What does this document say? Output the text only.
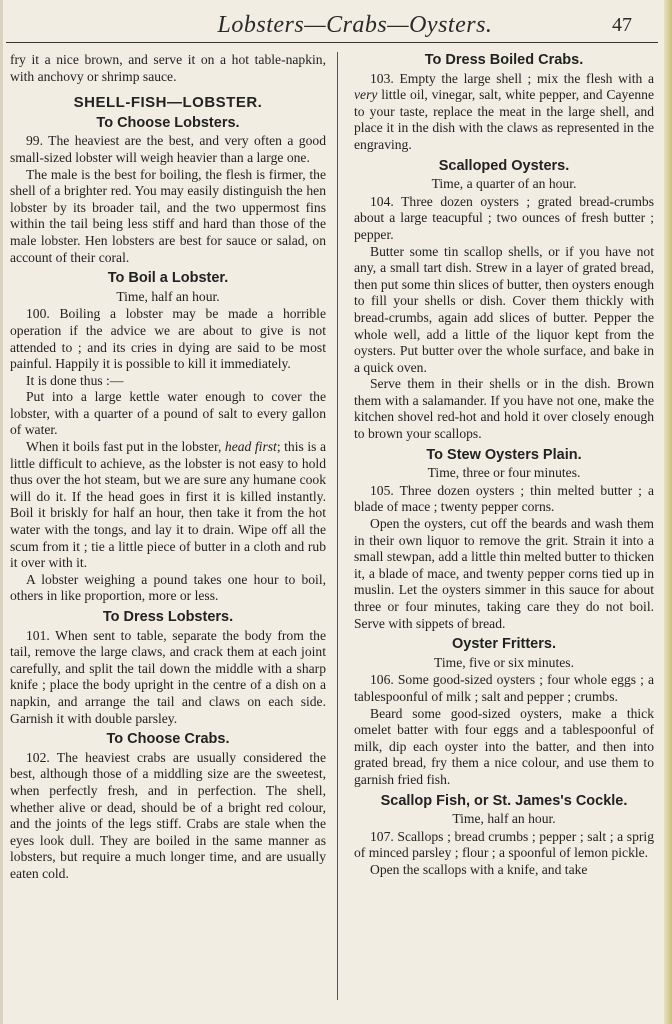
Lobsters—Crabs—Oysters.	47

fry it a nice brown, and serve it on a hot table-napkin, with anchovy or shrimp sauce.

SHELL-FISH—LOBSTER.
To Choose Lobsters.

99. The heaviest are the best, and very often a good small-sized lobster will weigh heavier than a large one.

The male is the best for boiling, the flesh is firmer, the shell of a brighter red. You may easily distinguish the hen lobster by its broader tail, and the two uppermost fins within the tail being less stiff and hard than those of the male lobster. Hen lobsters are best for sauce or salad, on account of their coral.

To Boil a Lobster.

Time, half an hour.

100. Boiling a lobster may be made a horrible operation if the advice we are about to give is not attended to ; and its cries in dying are said to be most painful. Happily it is possible to kill it immediately.

It is done thus :—

Put into a large kettle water enough to cover the lobster, with a quarter of a pound of salt to every gallon of water.

When it boils fast put in the lobster, head first; this is a little difficult to achieve, as the lobster is not easy to hold thus over the hot steam, but we are sure any humane cook will do it. If the head goes in first it is killed instantly. Boil it briskly for half an hour, then take it from the hot water with the tongs, and lay it to drain. Wipe off all the scum from it ; tie a little piece of butter in a cloth and rub it over with it.

A lobster weighing a pound takes one hour to boil, others in like proportion, more or less.

To Dress Lobsters.

101. When sent to table, separate the body from the tail, remove the large claws, and crack them at each joint carefully, and split the tail down the middle with a sharp knife ; place the body upright in the centre of a dish on a napkin, and arrange the tail and claws on each side. Garnish it with double parsley.

To Choose Crabs.

102. The heaviest crabs are usually considered the best, although those of a middling size are the sweetest, when perfectly fresh, and in perfection. The shell, whether alive or dead, should be of a bright red colour, and the joints of the legs stiff. Crabs are stale when the eyes look dull. They are boiled in the same manner as lobsters, but require a much longer time, and are usually eaten cold.

To Dress Boiled Crabs.

103. Empty the large shell ; mix the flesh with a very little oil, vinegar, salt, white pepper, and Cayenne to your taste, replace the meat in the large shell, and place it in the dish with the claws as represented in the engraving.

Scalloped Oysters.

Time, a quarter of an hour.

104. Three dozen oysters ; grated bread-crumbs about a large teacupful ; two ounces of fresh butter ; pepper.

Butter some tin scallop shells, or if you have not any, a small tart dish. Strew in a layer of grated bread, then put some thin slices of butter, then oysters enough to fill your shells or dish. Cover them thickly with bread-crumbs, again add slices of butter. Pepper the whole well, add a little of the liquor kept from the oysters. Put butter over the whole surface, and bake in a quick oven.

Serve them in their shells or in the dish. Brown them with a salamander. If you have not one, make the kitchen shovel red-hot and hold it over closely enough to brown your scallops.

To Stew Oysters Plain.

Time, three or four minutes.

105. Three dozen oysters ; thin melted butter ; a blade of mace ; twenty pepper corns.

Open the oysters, cut off the beards and wash them in their own liquor to remove the grit. Strain it into a small stewpan, add a little thin melted butter to thicken it, a blade of mace, and twenty pepper corns tied up in muslin. Let the oysters simmer in this sauce for about three or four minutes, taking care they do not boil. Serve with sippets of bread.

Oyster Fritters.

Time, five or six minutes.

106. Some good-sized oysters ; four whole eggs ; a tablespoonful of milk ; salt and pepper ; crumbs.

Beard some good-sized oysters, make a thick omelet batter with four eggs and a tablespoonful of milk, dip each oyster into the batter, and then into grated bread, fry them a nice colour, and use them to garnish fried fish.

Scallop Fish, or St. James's Cockle.

Time, half an hour.

107. Scallops ; bread crumbs ; pepper ; salt ; a sprig of minced parsley ; flour ; a spoonful of lemon pickle.

Open the scallops with a knife, and take
